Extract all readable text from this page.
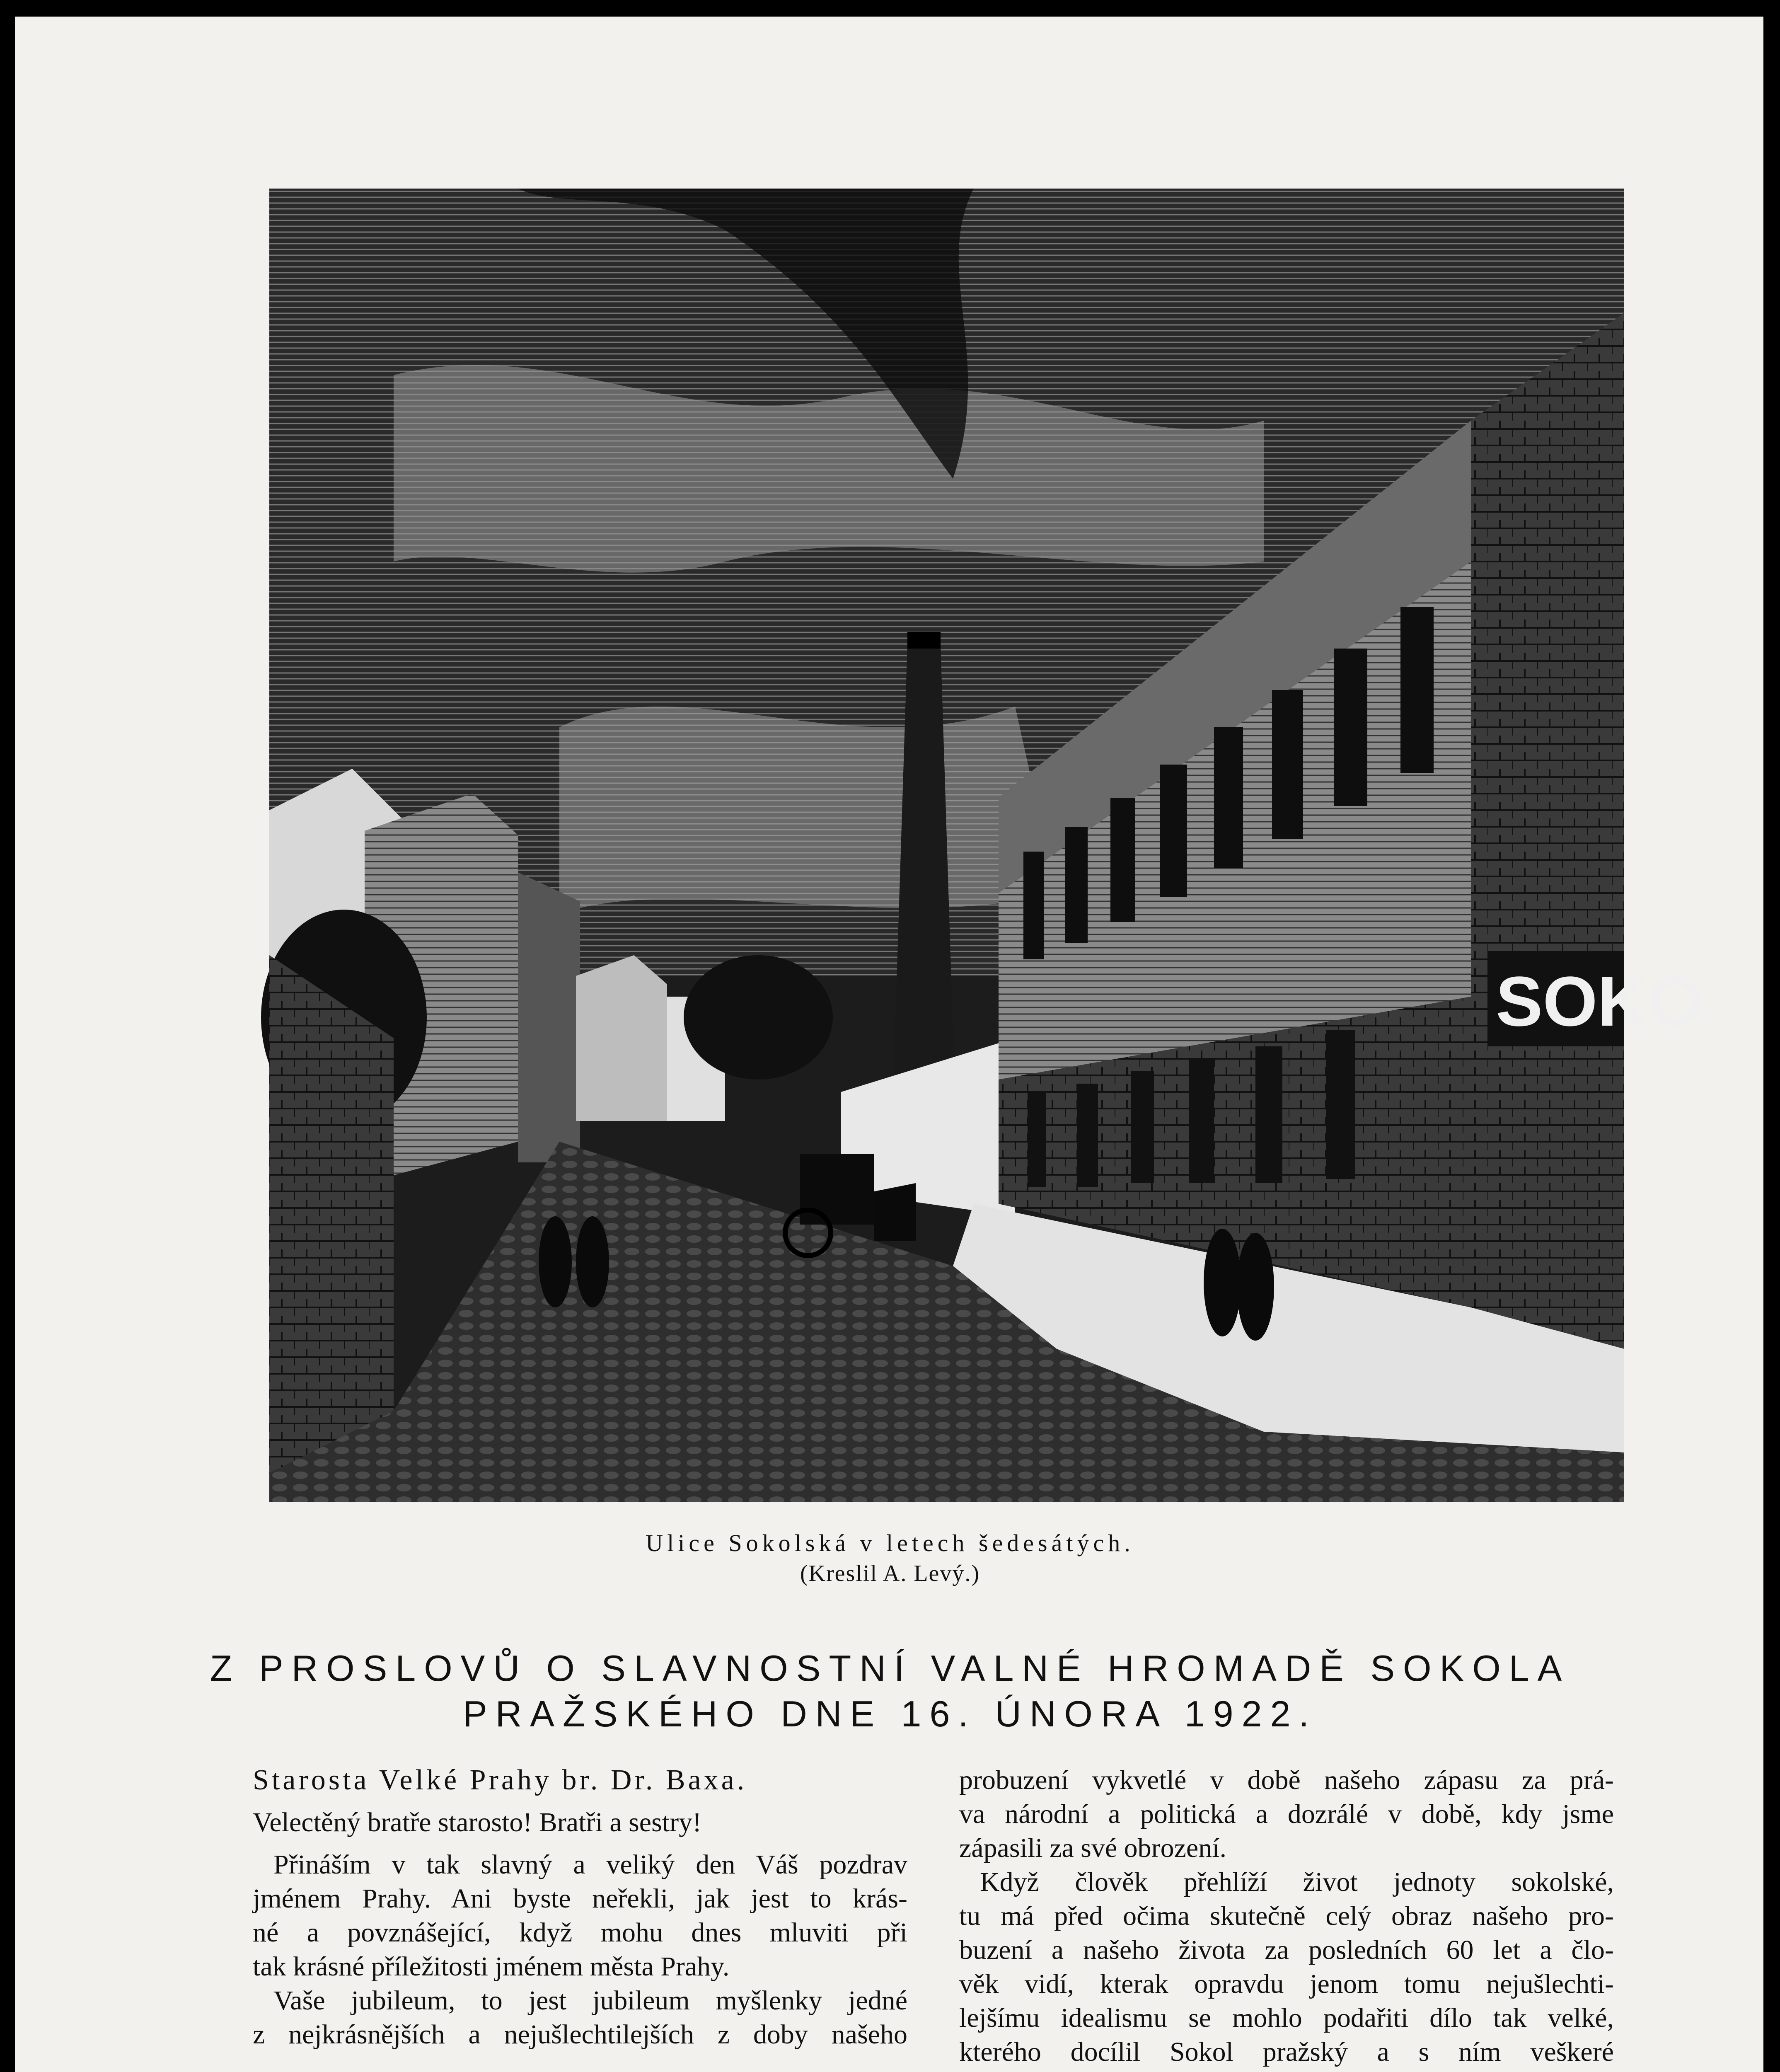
SOKO
Ulice Sokolská v letech šedesátých.
(Kreslil A. Levý.)
Z PROSLOVŮ O SLAVNOSTNÍ VALNÉ HROMADĚ SOKOLA
PRAŽSKÉHO DNE 16. ÚNORA 1922.

Starosta Velké Prahy br. Dr. Baxa.

Velectěný bratře starosto! Bratři a sestry!

Přináším v tak slavný a veliký den Váš pozdrav
jménem Prahy. Ani byste neřekli, jak jest to krás-
né a povznášející, když mohu dnes mluviti při
tak krásné příležitosti jménem města Prahy.
Vaše jubileum, to jest jubileum myšlenky jedné
z nejkrásnějších a nejušlechtilejších z doby našeho
probuzení vykvetlé v době našeho zápasu za prá-
va národní a politická a dozrálé v době, kdy jsme
zápasili za své obrození.
Když člověk přehlíží život jednoty sokolské,
tu má před očima skutečně celý obraz našeho pro-
buzení a našeho života za posledních 60 let a člo-
věk vidí, kterak opravdu jenom tomu nejušlechti-
lejšímu idealismu se mohlo podařiti dílo tak velké,
kterého docílil Sokol pražský a s ním veškeré
